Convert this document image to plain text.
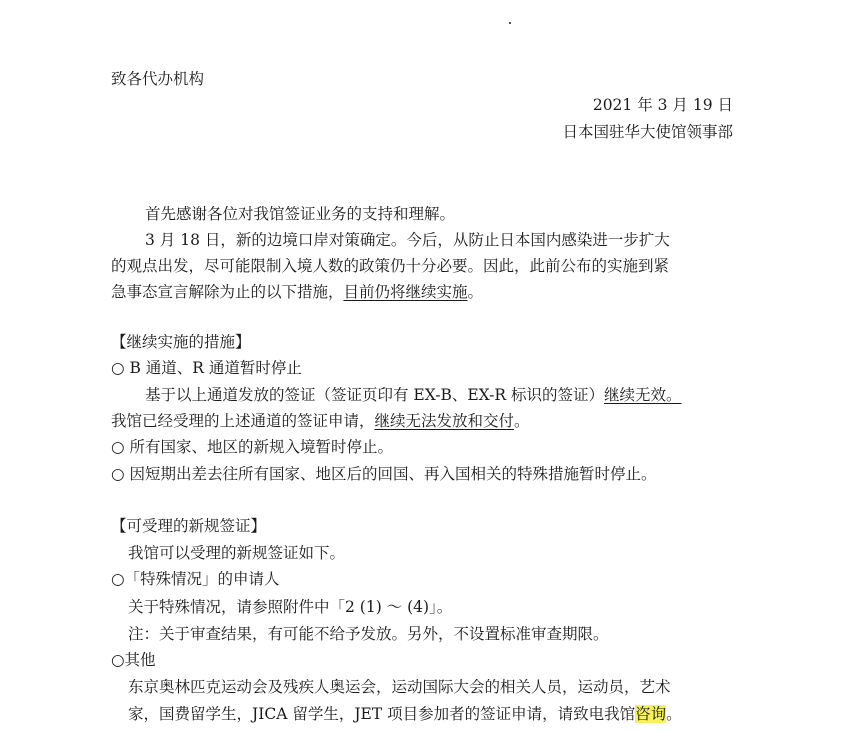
致各代办机构
2021 年 3 月 19 日
日本国驻华大使馆领事部
首先感谢各位对我馆签证业务的支持和理解。
3 月 18 日，新的边境口岸对策确定。今后，从防止日本国内感染进一步扩大
的观点出发，尽可能限制入境人数的政策仍十分必要。因此，此前公布的实施到紧
急事态宣言解除为止的以下措施，目前仍将继续实施。
【继续实施的措施】
○ B 通道、R 通道暂时停止
基于以上通道发放的签证（签证页印有 EX-B、EX-R 标识的签证）继续无效。
我馆已经受理的上述通道的签证申请，继续无法发放和交付。
○ 所有国家、地区的新规入境暂时停止。
○ 因短期出差去往所有国家、地区后的回国、再入国相关的特殊措施暂时停止。
【可受理的新规签证】
我馆可以受理的新规签证如下。
○「特殊情况」的申请人
关于特殊情况，请参照附件中「2 (1) ～ (4)」。
注：关于审查结果，有可能不给予发放。另外，不设置标准审查期限。
○其他
东京奥林匹克运动会及残疾人奥运会，运动国际大会的相关人员，运动员，艺术
家，国费留学生，JICA 留学生，JET 项目参加者的签证申请，请致电我馆咨询。
